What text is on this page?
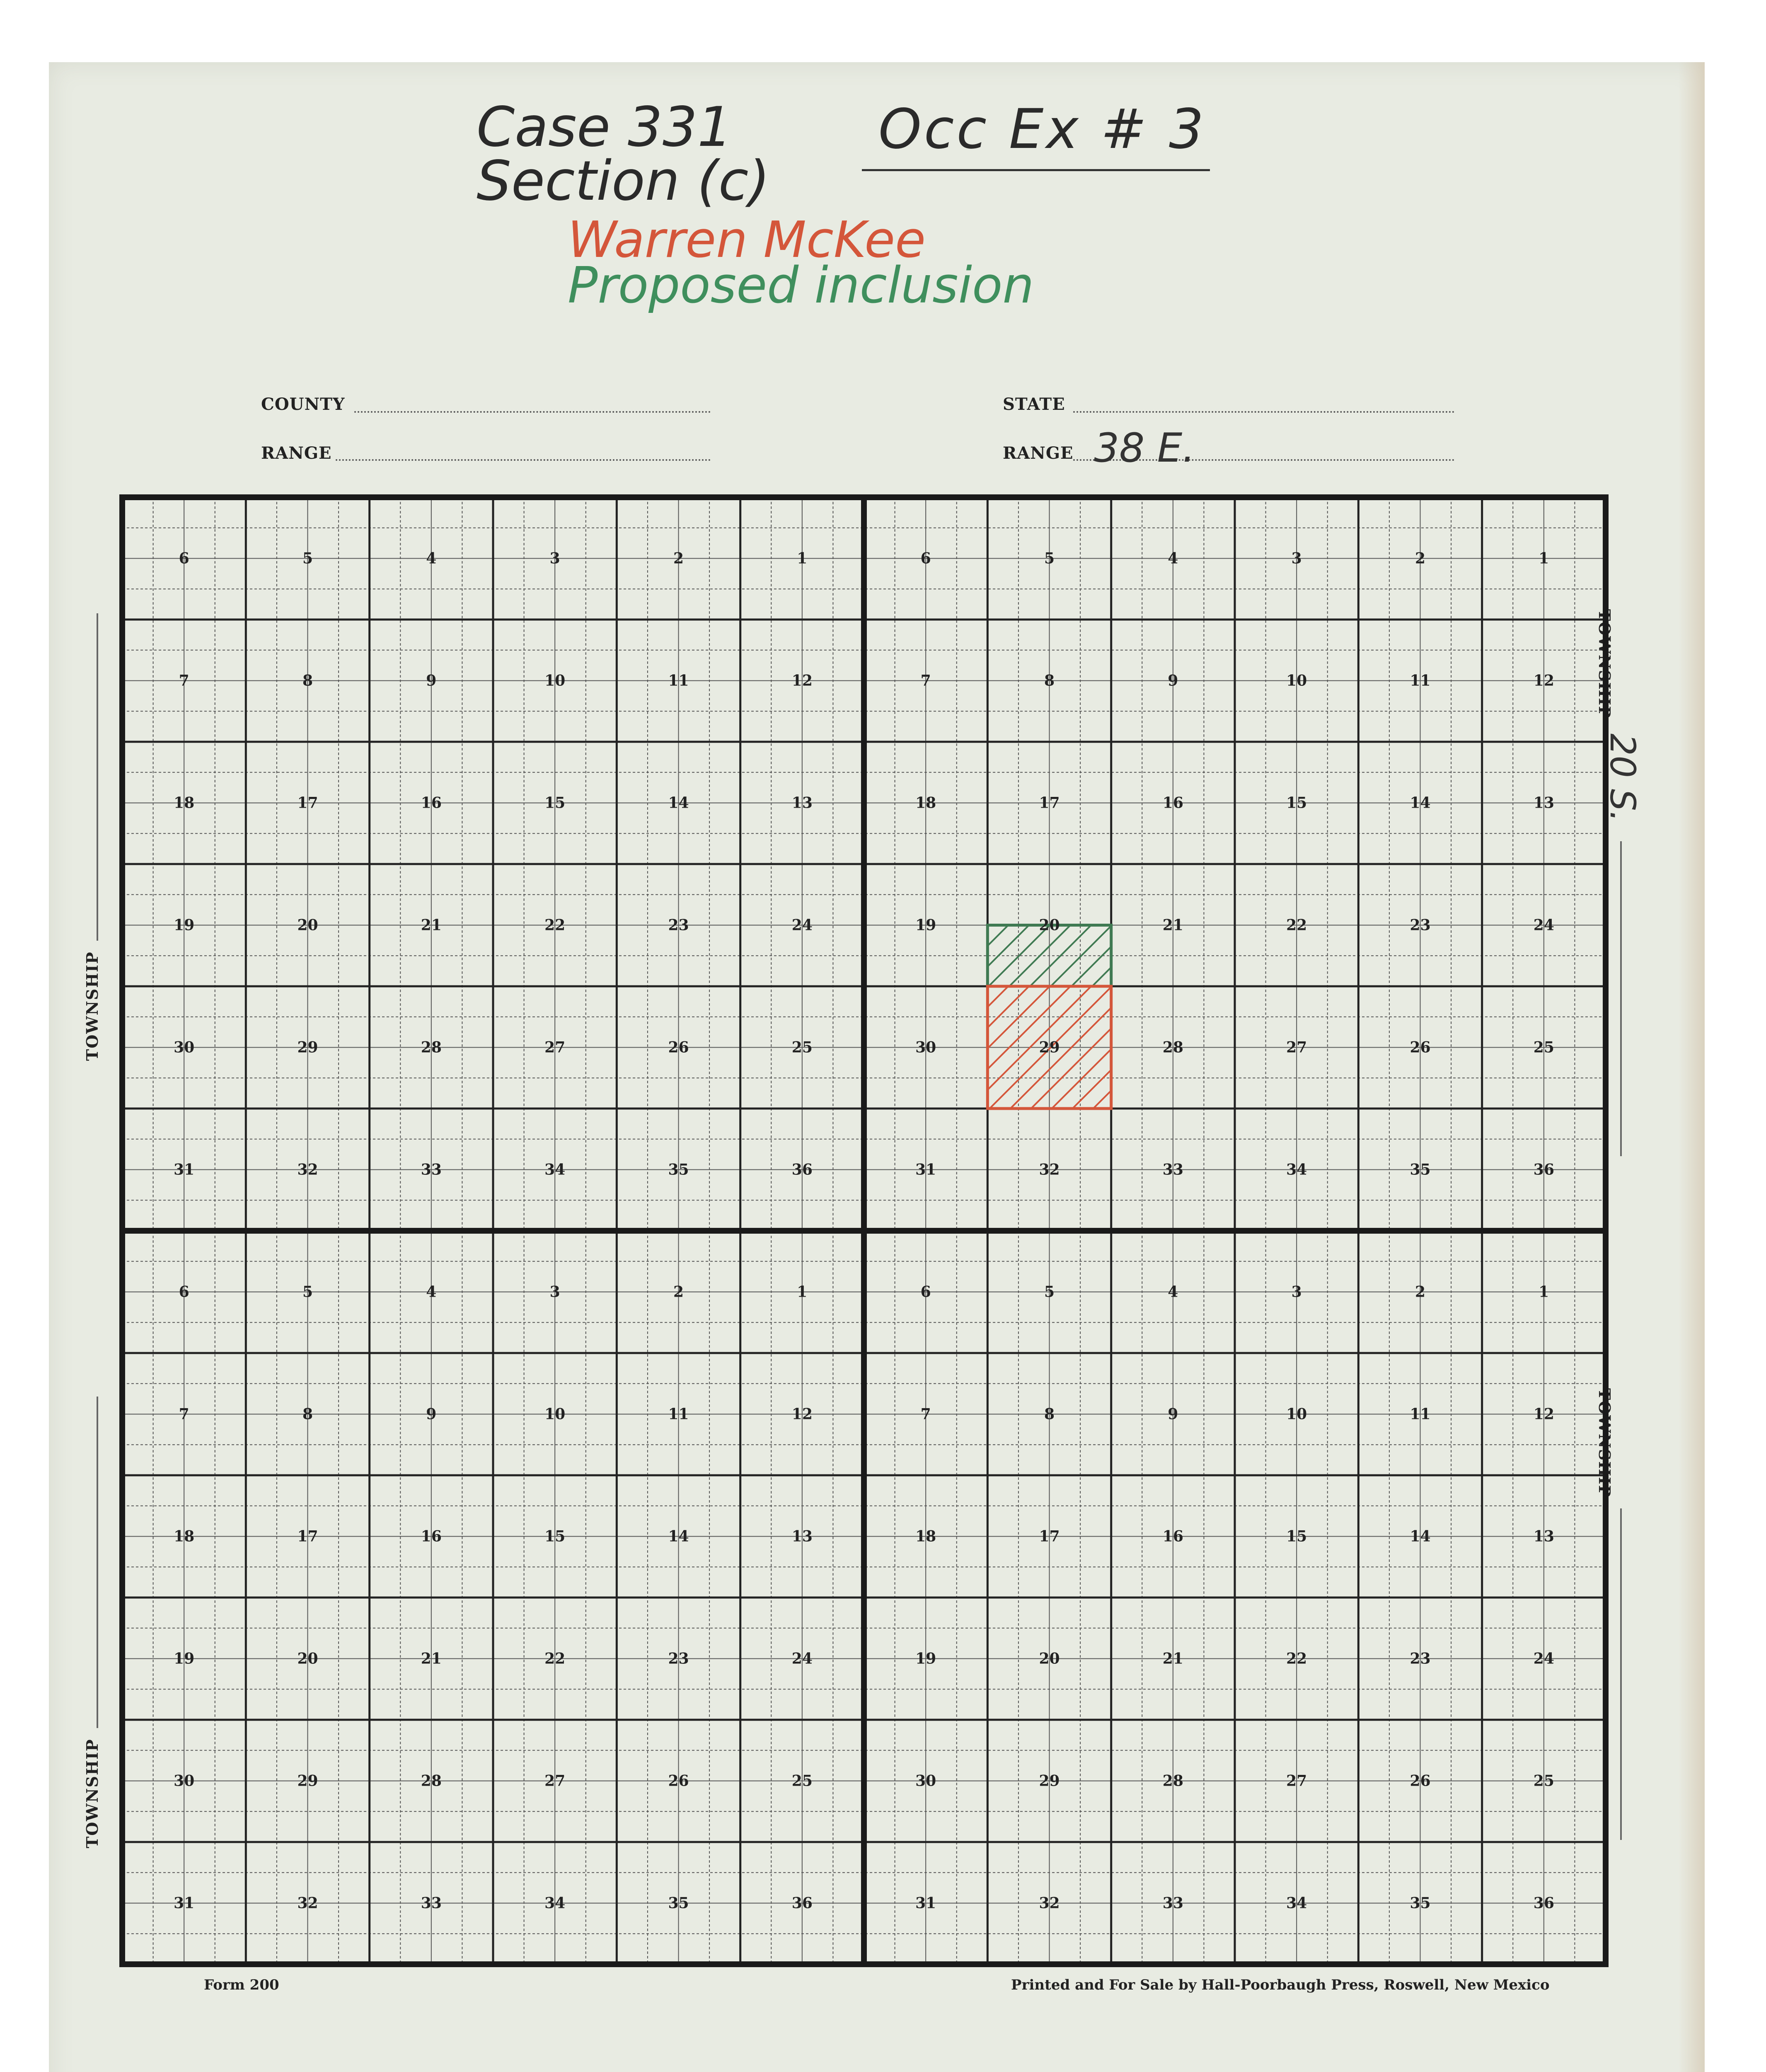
Case 331
Section (c)
Occ Ex # 3
Warren McKee
Proposed inclusion
COUNTY	STATE
RANGE	RANGE 38 E.
TOWNSHIP
20 S.
TOWNSHIP
TOWNSHIP
TOWNSHIP
6	5	4	3	2	1
7	8	9	10	11	12
18	17	16	15	14	13
19	20	21	22	23	24
30	29	28	27	26	25
31	32	33	34	35	36
6	5	4	3	2	1
7	8	9	10	11	12
18	17	16	15	14	13
19	20	21	22	23	24
30	29	28	27	26	25
31	32	33	34	35	36
6	5	4	3	2	1
7	8	9	10	11	12
18	17	16	15	14	13
19	20	21	22	23	24
30	29	28	27	26	25
31	32	33	34	35	36
6	5	4	3	2	1
7	8	9	10	11	12
18	17	16	15	14	13
19	20	21	22	23	24
30	29	28	27	26	25
31	32	33	34	35	36
Form 200	Printed and For Sale by Hall-Poorbaugh Press, Roswell, New Mexico
